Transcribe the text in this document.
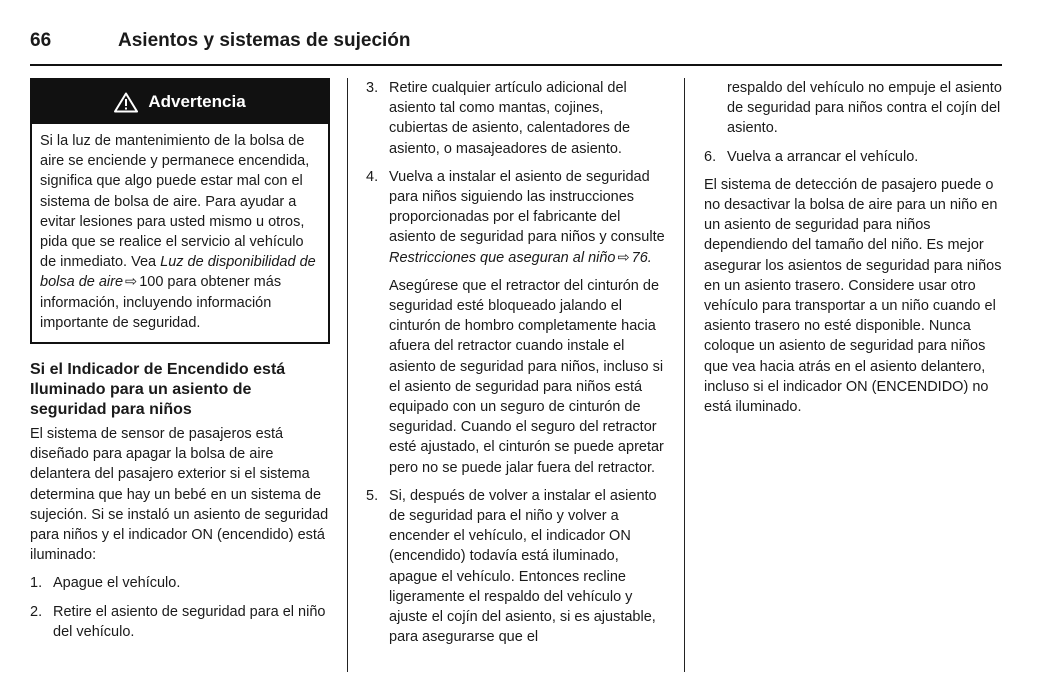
66	Asientos y sistemas de sujeción
Advertencia
Si la luz de mantenimiento de la bolsa de aire se enciende y permanece encendida, significa que algo puede estar mal con el sistema de bolsa de aire. Para ayudar a evitar lesiones para usted mismo u otros, pida que se realice el servicio al vehículo de inmediato. Vea Luz de disponibilidad de bolsa de aire ⇨ 100 para obtener más información, incluyendo información importante de seguridad.
Si el Indicador de Encendido está Iluminado para un asiento de seguridad para niños

El sistema de sensor de pasajeros está diseñado para apagar la bolsa de aire delantera del pasajero exterior si el sistema determina que hay un bebé en un sistema de sujeción. Si se instaló un asiento de seguridad para niños y el indicador ON (encendido) está iluminado:

1. Apague el vehículo.
2. Retire el asiento de seguridad para el niño del vehículo.
3. Retire cualquier artículo adicional del asiento tal como mantas, cojines, cubiertas de asiento, calentadores de asiento, o masajeadores de asiento.
4. Vuelva a instalar el asiento de seguridad para niños siguiendo las instrucciones proporcionadas por el fabricante del asiento de seguridad para niños y consulte Restricciones que aseguran al niño ⇨ 76.

Asegúrese que el retractor del cinturón de seguridad esté bloqueado jalando el cinturón de hombro completamente hacia afuera del retractor cuando instale el asiento de seguridad para niños, incluso si el asiento de seguridad para niños está equipado con un seguro de cinturón de seguridad. Cuando el seguro del retractor esté ajustado, el cinturón se puede apretar pero no se puede jalar fuera del retractor.

5. Si, después de volver a instalar el asiento de seguridad para el niño y volver a encender el vehículo, el indicador ON (encendido) todavía está iluminado, apague el vehículo. Entonces recline ligeramente el respaldo del vehículo y ajuste el cojín del asiento, si es ajustable, para asegurarse que el

respaldo del vehículo no empuje el asiento de seguridad para niños contra el cojín del asiento.

6. Vuelva a arrancar el vehículo.

El sistema de detección de pasajero puede o no desactivar la bolsa de aire para un niño en un asiento de seguridad para niños dependiendo del tamaño del niño. Es mejor asegurar los asientos de seguridad para niños en un asiento trasero. Considere usar otro vehículo para transportar a un niño cuando el asiento trasero no esté disponible. Nunca coloque un asiento de seguridad para niños que vea hacia atrás en el asiento delantero, incluso si el indicador ON (ENCENDIDO) no está iluminado.
